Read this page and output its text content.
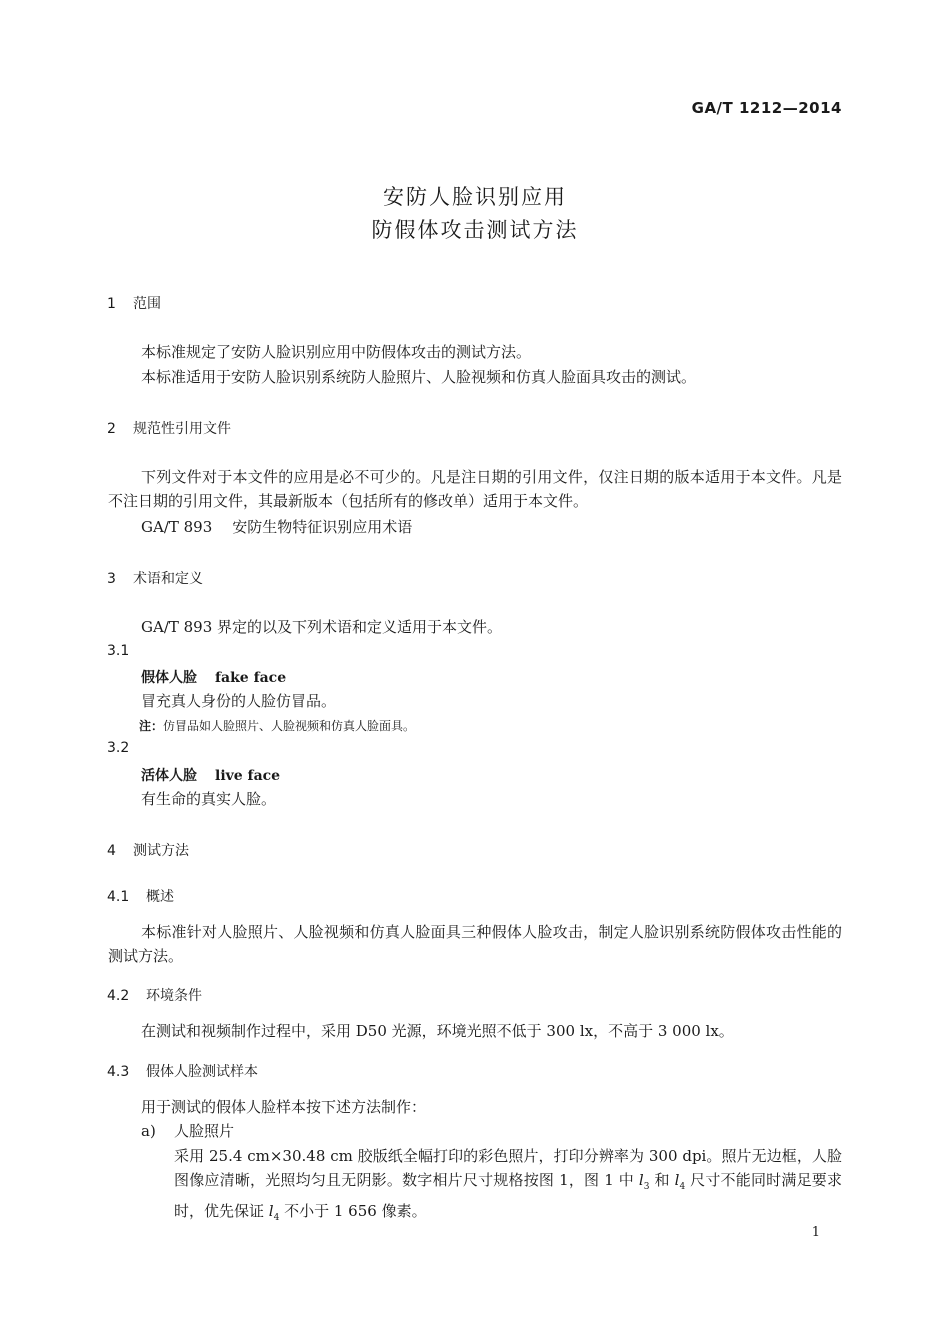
GA/T 1212—2014
安防人脸识别应用
防假体攻击测试方法
1 范围
本标准规定了安防人脸识别应用中防假体攻击的测试方法。
本标准适用于安防人脸识别系统防人脸照片、人脸视频和仿真人脸面具攻击的测试。
2 规范性引用文件
下列文件对于本文件的应用是必不可少的。凡是注日期的引用文件，仅注日期的版本适用于本文件。凡是不注日期的引用文件，其最新版本（包括所有的修改单）适用于本文件。
GA/T 893 安防生物特征识别应用术语
3 术语和定义
GA/T 893 界定的以及下列术语和定义适用于本文件。
3.1
假体人脸 fake face
冒充真人身份的人脸仿冒品。
注：仿冒品如人脸照片、人脸视频和仿真人脸面具。
3.2
活体人脸 live face
有生命的真实人脸。
4 测试方法
4.1 概述
本标准针对人脸照片、人脸视频和仿真人脸面具三种假体人脸攻击，制定人脸识别系统防假体攻击性能的测试方法。
4.2 环境条件
在测试和视频制作过程中，采用 D50 光源，环境光照不低于 300 lx，不高于 3 000 lx。
4.3 假体人脸测试样本
用于测试的假体人脸样本按下述方法制作：
a) 人脸照片
采用 25.4 cm×30.48 cm 胶版纸全幅打印的彩色照片，打印分辨率为 300 dpi。照片无边框，人脸图像应清晰，光照均匀且无阴影。数字相片尺寸规格按图 1，图 1 中 $l_3$ 和 $l_4$ 尺寸不能同时满足要求时，优先保证 $l_4$ 不小于 1 656 像素。
1
